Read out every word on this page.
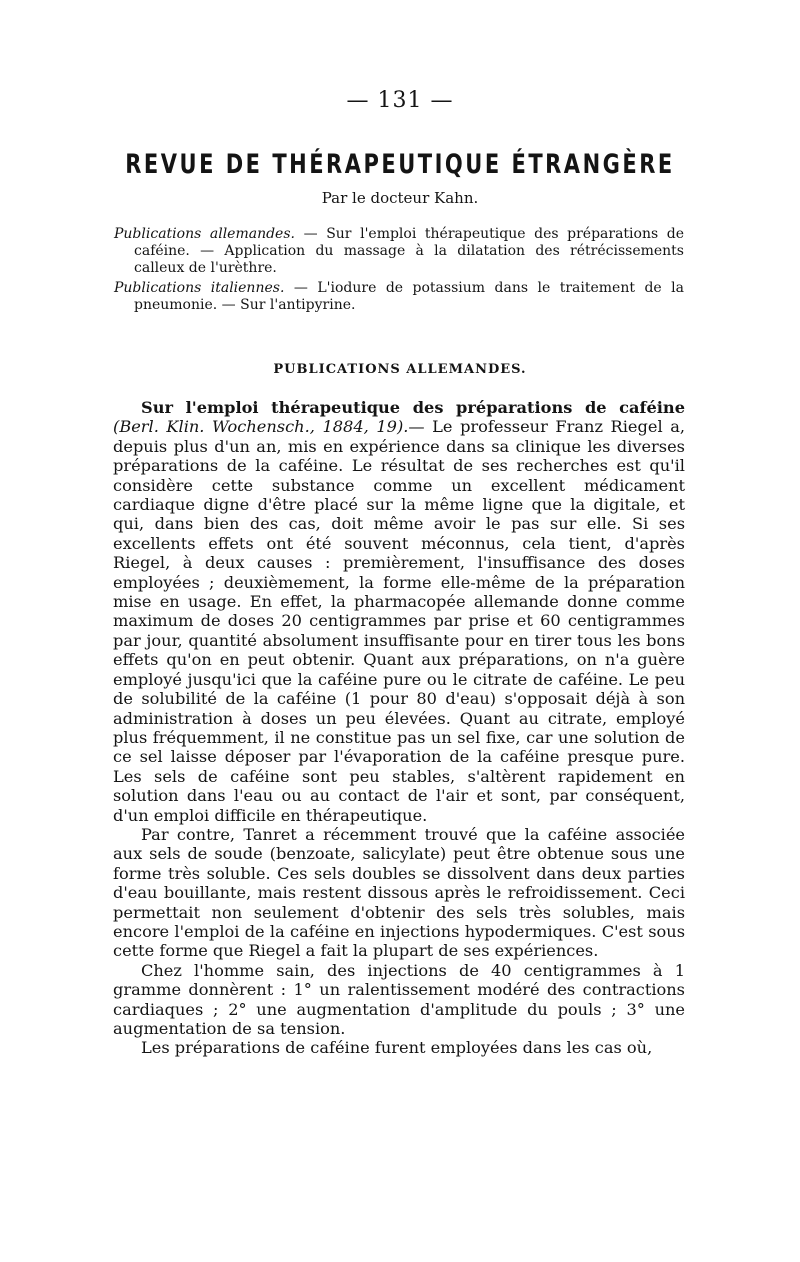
— 131 —
REVUE DE THÉRAPEUTIQUE ÉTRANGÈRE
Par le docteur Kahn.

Publications allemandes. — Sur l'emploi thérapeutique des préparations de caféine. — Application du massage à la dilatation des rétrécissements calleux de l'urèthre.

Publications italiennes. — L'iodure de potassium dans le traitement de la pneumonie. — Sur l'antipyrine.

PUBLICATIONS ALLEMANDES.

Sur l'emploi thérapeutique des préparations de caféine (Berl. Klin. Wochensch., 1884, 19).— Le professeur Franz Riegel a, depuis plus d'un an, mis en expérience dans sa clinique les diverses préparations de la caféine. Le résultat de ses recherches est qu'il considère cette substance comme un excellent médicament cardiaque digne d'être placé sur la même ligne que la digitale, et qui, dans bien des cas, doit même avoir le pas sur elle. Si ses excellents effets ont été souvent méconnus, cela tient, d'après Riegel, à deux causes : premièrement, l'insuffisance des doses employées ; deuxièmement, la forme elle-même de la préparation mise en usage. En effet, la pharmacopée allemande donne comme maximum de doses 20 centigrammes par prise et 60 centigrammes par jour, quantité absolument insuffisante pour en tirer tous les bons effets qu'on en peut obtenir. Quant aux préparations, on n'a guère employé jusqu'ici que la caféine pure ou le citrate de caféine. Le peu de solubilité de la caféine (1 pour 80 d'eau) s'opposait déjà à son administration à doses un peu élevées. Quant au citrate, employé plus fréquemment, il ne constitue pas un sel fixe, car une solution de ce sel laisse déposer par l'évaporation de la caféine presque pure. Les sels de caféine sont peu stables, s'altèrent rapidement en solution dans l'eau ou au contact de l'air et sont, par conséquent, d'un emploi difficile en thérapeutique.

Par contre, Tanret a récemment trouvé que la caféine associée aux sels de soude (benzoate, salicylate) peut être obtenue sous une forme très soluble. Ces sels doubles se dissolvent dans deux parties d'eau bouillante, mais restent dissous après le refroidissement. Ceci permettait non seulement d'obtenir des sels très solubles, mais encore l'emploi de la caféine en injections hypodermiques. C'est sous cette forme que Riegel a fait la plupart de ses expériences.

Chez l'homme sain, des injections de 40 centigrammes à 1 gramme donnèrent : 1° un ralentissement modéré des contractions cardiaques ; 2° une augmentation d'amplitude du pouls ; 3° une augmentation de sa tension.

Les préparations de caféine furent employées dans les cas où,
